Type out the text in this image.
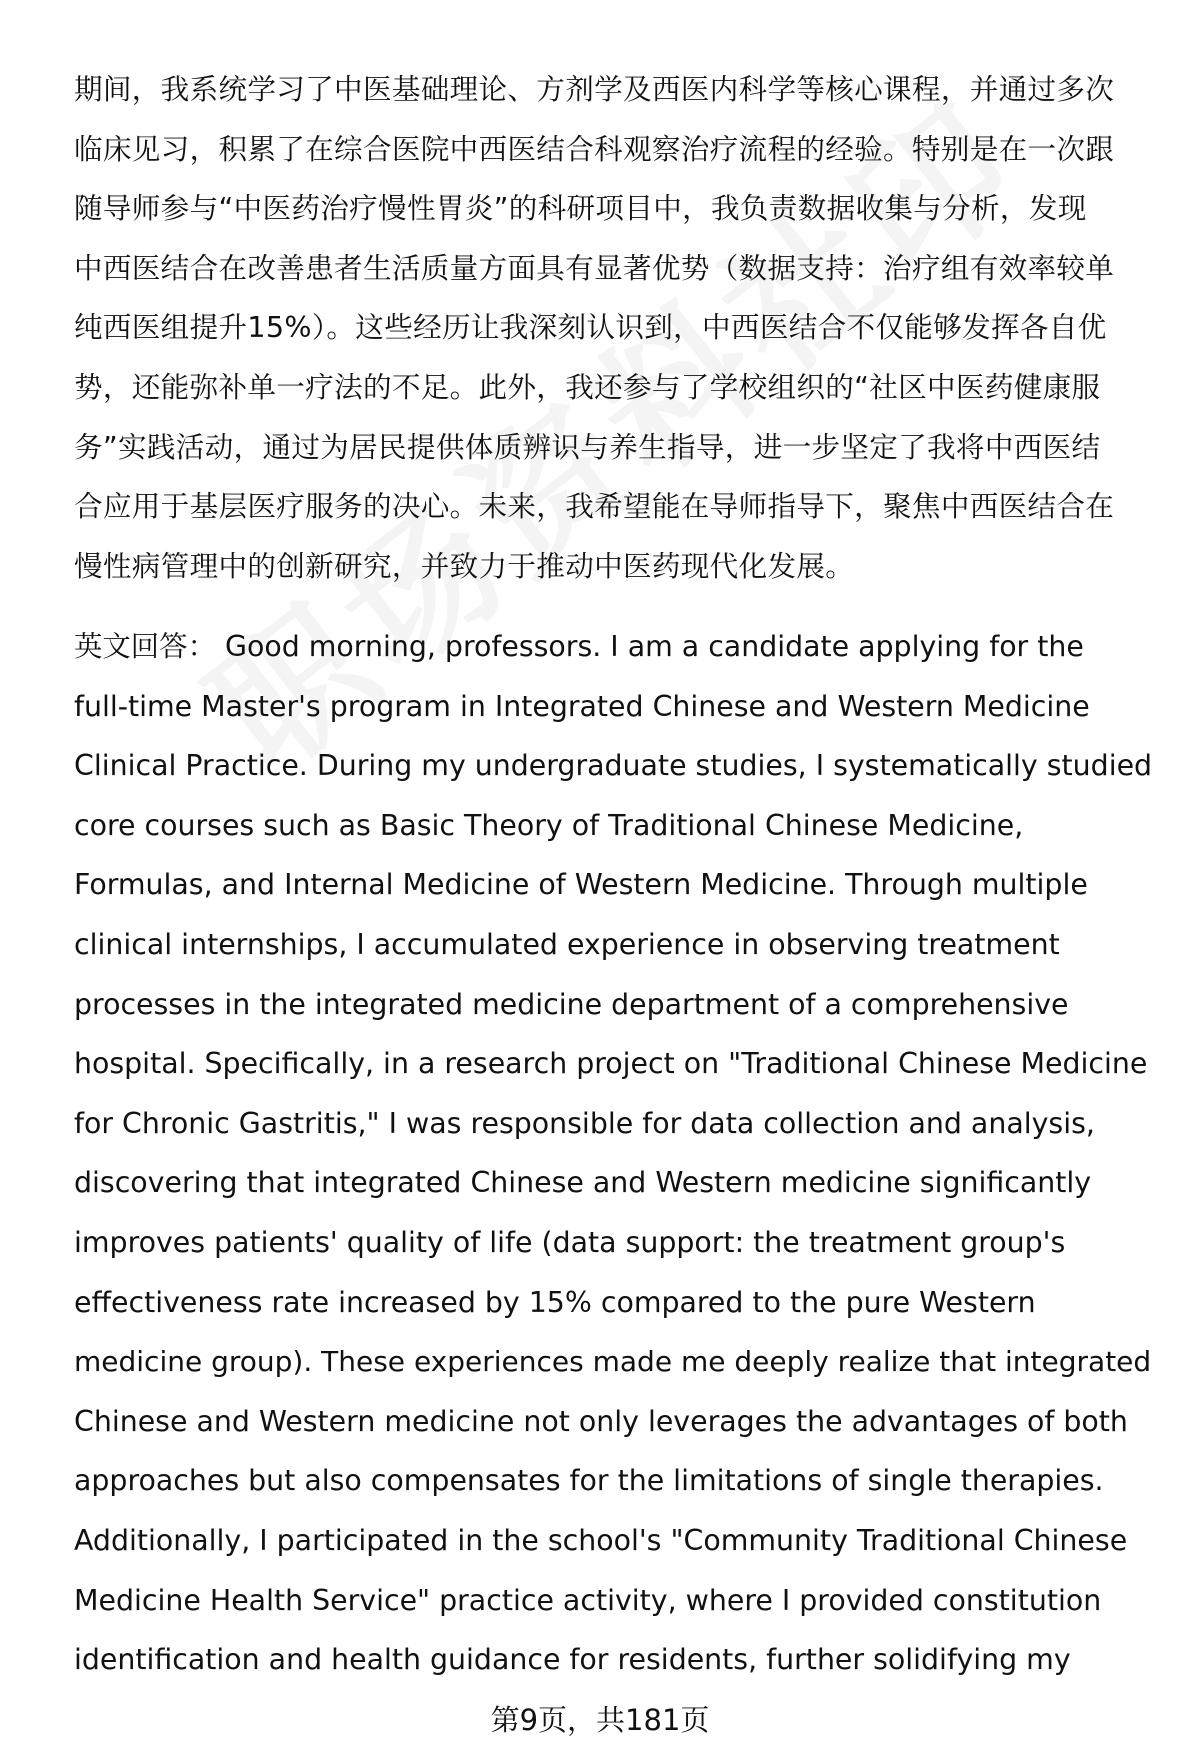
期间，我系统学习了中医基础理论、方剂学及西医内科学等核心课程，并通过多次
临床见习，积累了在综合医院中西医结合科观察治疗流程的经验。特别是在一次跟
随导师参与“中医药治疗慢性胃炎”的科研项目中，我负责数据收集与分析，发现
中西医结合在改善患者生活质量方面具有显著优势（数据支持：治疗组有效率较单
纯西医组提升15%）。这些经历让我深刻认识到，中西医结合不仅能够发挥各自优
势，还能弥补单一疗法的不足。此外，我还参与了学校组织的“社区中医药健康服
务”实践活动，通过为居民提供体质辨识与养生指导，进一步坚定了我将中西医结
合应用于基层医疗服务的决心。未来，我希望能在导师指导下，聚焦中西医结合在
慢性病管理中的创新研究，并致力于推动中医药现代化发展。
英文回答： Good morning, professors. I am a candidate applying for the
full-time Master's program in Integrated Chinese and Western Medicine
Clinical Practice. During my undergraduate studies, I systematically studied
core courses such as Basic Theory of Traditional Chinese Medicine,
Formulas, and Internal Medicine of Western Medicine. Through multiple
clinical internships, I accumulated experience in observing treatment
processes in the integrated medicine department of a comprehensive
hospital. Specifically, in a research project on "Traditional Chinese Medicine
for Chronic Gastritis," I was responsible for data collection and analysis,
discovering that integrated Chinese and Western medicine significantly
improves patients' quality of life (data support: the treatment group's
effectiveness rate increased by 15% compared to the pure Western
medicine group). These experiences made me deeply realize that integrated
Chinese and Western medicine not only leverages the advantages of both
approaches but also compensates for the limitations of single therapies.
Additionally, I participated in the school's "Community Traditional Chinese
Medicine Health Service" practice activity, where I provided constitution
identification and health guidance for residents, further solidifying my
第9页，共181页
